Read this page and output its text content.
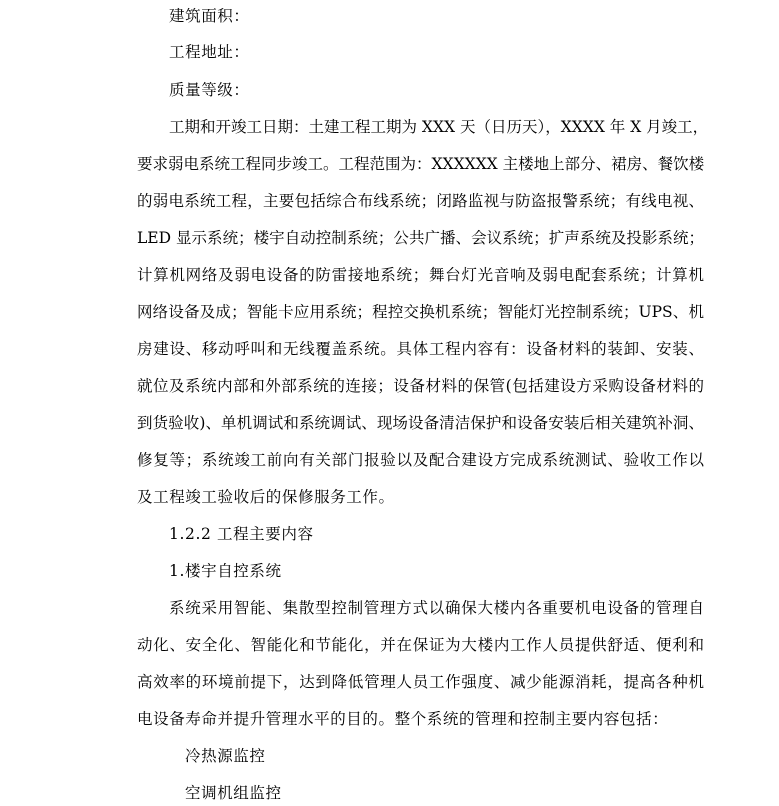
建筑面积：
工程地址：
质量等级：
工期和开竣工日期：土建工程工期为 XXX 天（日历天），XXXX 年 X 月竣工，
要求弱电系统工程同步竣工。工程范围为：XXXXXX 主楼地上部分、裙房、餐饮楼
的弱电系统工程，主要包括综合布线系统；闭路监视与防盗报警系统；有线电视、
LED 显示系统；楼宇自动控制系统；公共广播、会议系统；扩声系统及投影系统；
计算机网络及弱电设备的防雷接地系统；舞台灯光音响及弱电配套系统；计算机
网络设备及成；智能卡应用系统；程控交换机系统；智能灯光控制系统；UPS、机
房建设、移动呼叫和无线覆盖系统。具体工程内容有：设备材料的装卸、安装、
就位及系统内部和外部系统的连接；设备材料的保管(包括建设方采购设备材料的
到货验收)、单机调试和系统调试、现场设备清洁保护和设备安装后相关建筑补洞、
修复等；系统竣工前向有关部门报验以及配合建设方完成系统测试、验收工作以
及工程竣工验收后的保修服务工作。
1.2.2 工程主要内容
1.楼宇自控系统
系统采用智能、集散型控制管理方式以确保大楼内各重要机电设备的管理自
动化、安全化、智能化和节能化，并在保证为大楼内工作人员提供舒适、便利和
高效率的环境前提下，达到降低管理人员工作强度、减少能源消耗，提高各种机
电设备寿命并提升管理水平的目的。整个系统的管理和控制主要内容包括：
冷热源监控
空调机组监控
